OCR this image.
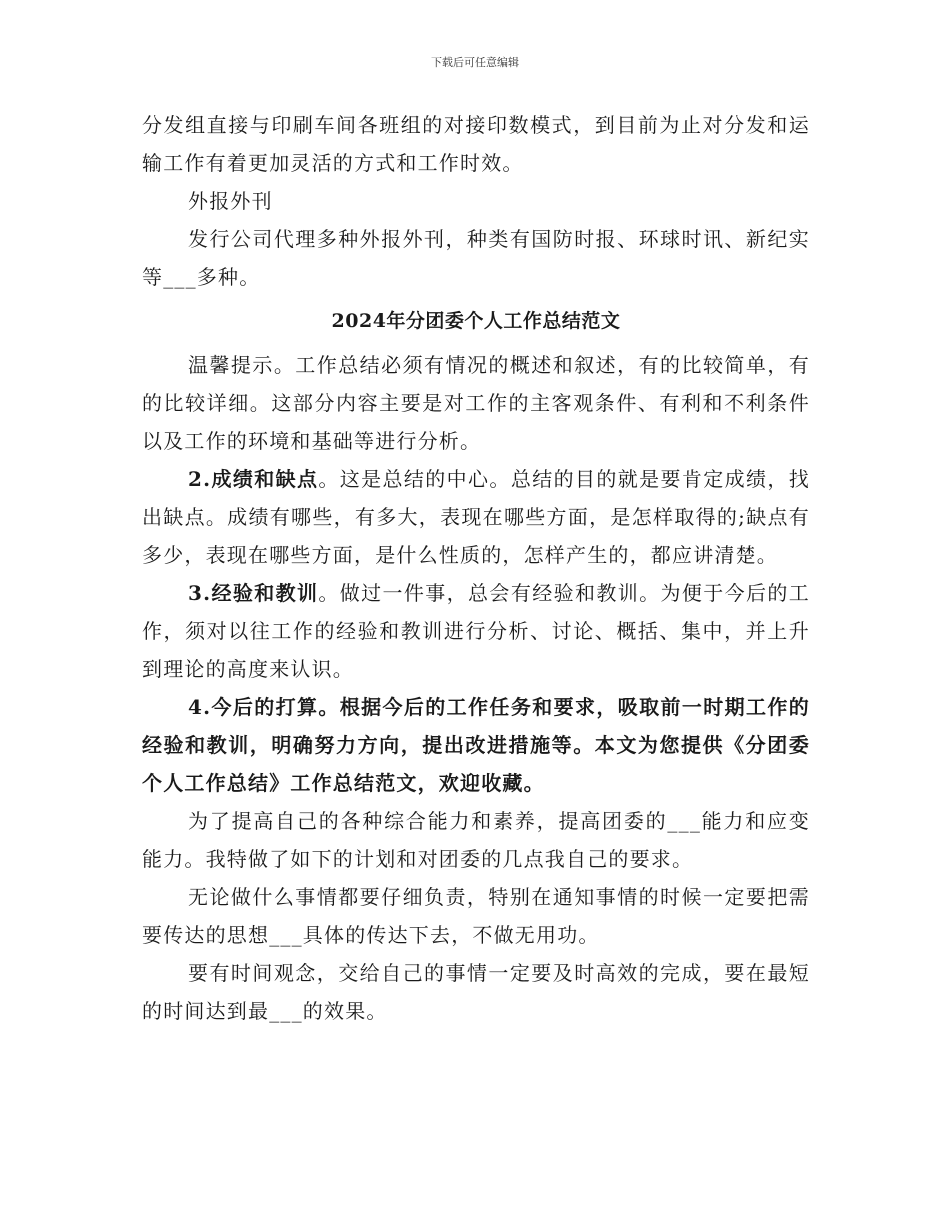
下载后可任意编辑

分发组直接与印刷车间各班组的对接印数模式，到目前为止对分发和运输工作有着更加灵活的方式和工作时效。

外报外刊

发行公司代理多种外报外刊，种类有国防时报、环球时讯、新纪实等___多种。

2024年分团委个人工作总结范文

温馨提示。工作总结必须有情况的概述和叙述，有的比较简单，有的比较详细。这部分内容主要是对工作的主客观条件、有利和不利条件以及工作的环境和基础等进行分析。

2.成绩和缺点。这是总结的中心。总结的目的就是要肯定成绩，找出缺点。成绩有哪些，有多大，表现在哪些方面，是怎样取得的;缺点有多少，表现在哪些方面，是什么性质的，怎样产生的，都应讲清楚。

3.经验和教训。做过一件事，总会有经验和教训。为便于今后的工作，须对以往工作的经验和教训进行分析、讨论、概括、集中，并上升到理论的高度来认识。

4.今后的打算。根据今后的工作任务和要求，吸取前一时期工作的经验和教训，明确努力方向，提出改进措施等。本文为您提供《分团委个人工作总结》工作总结范文，欢迎收藏。

为了提高自己的各种综合能力和素养，提高团委的___能力和应变能力。我特做了如下的计划和对团委的几点我自己的要求。

无论做什么事情都要仔细负责，特别在通知事情的时候一定要把需要传达的思想___具体的传达下去，不做无用功。

要有时间观念，交给自己的事情一定要及时高效的完成，要在最短的时间达到最___的效果。
